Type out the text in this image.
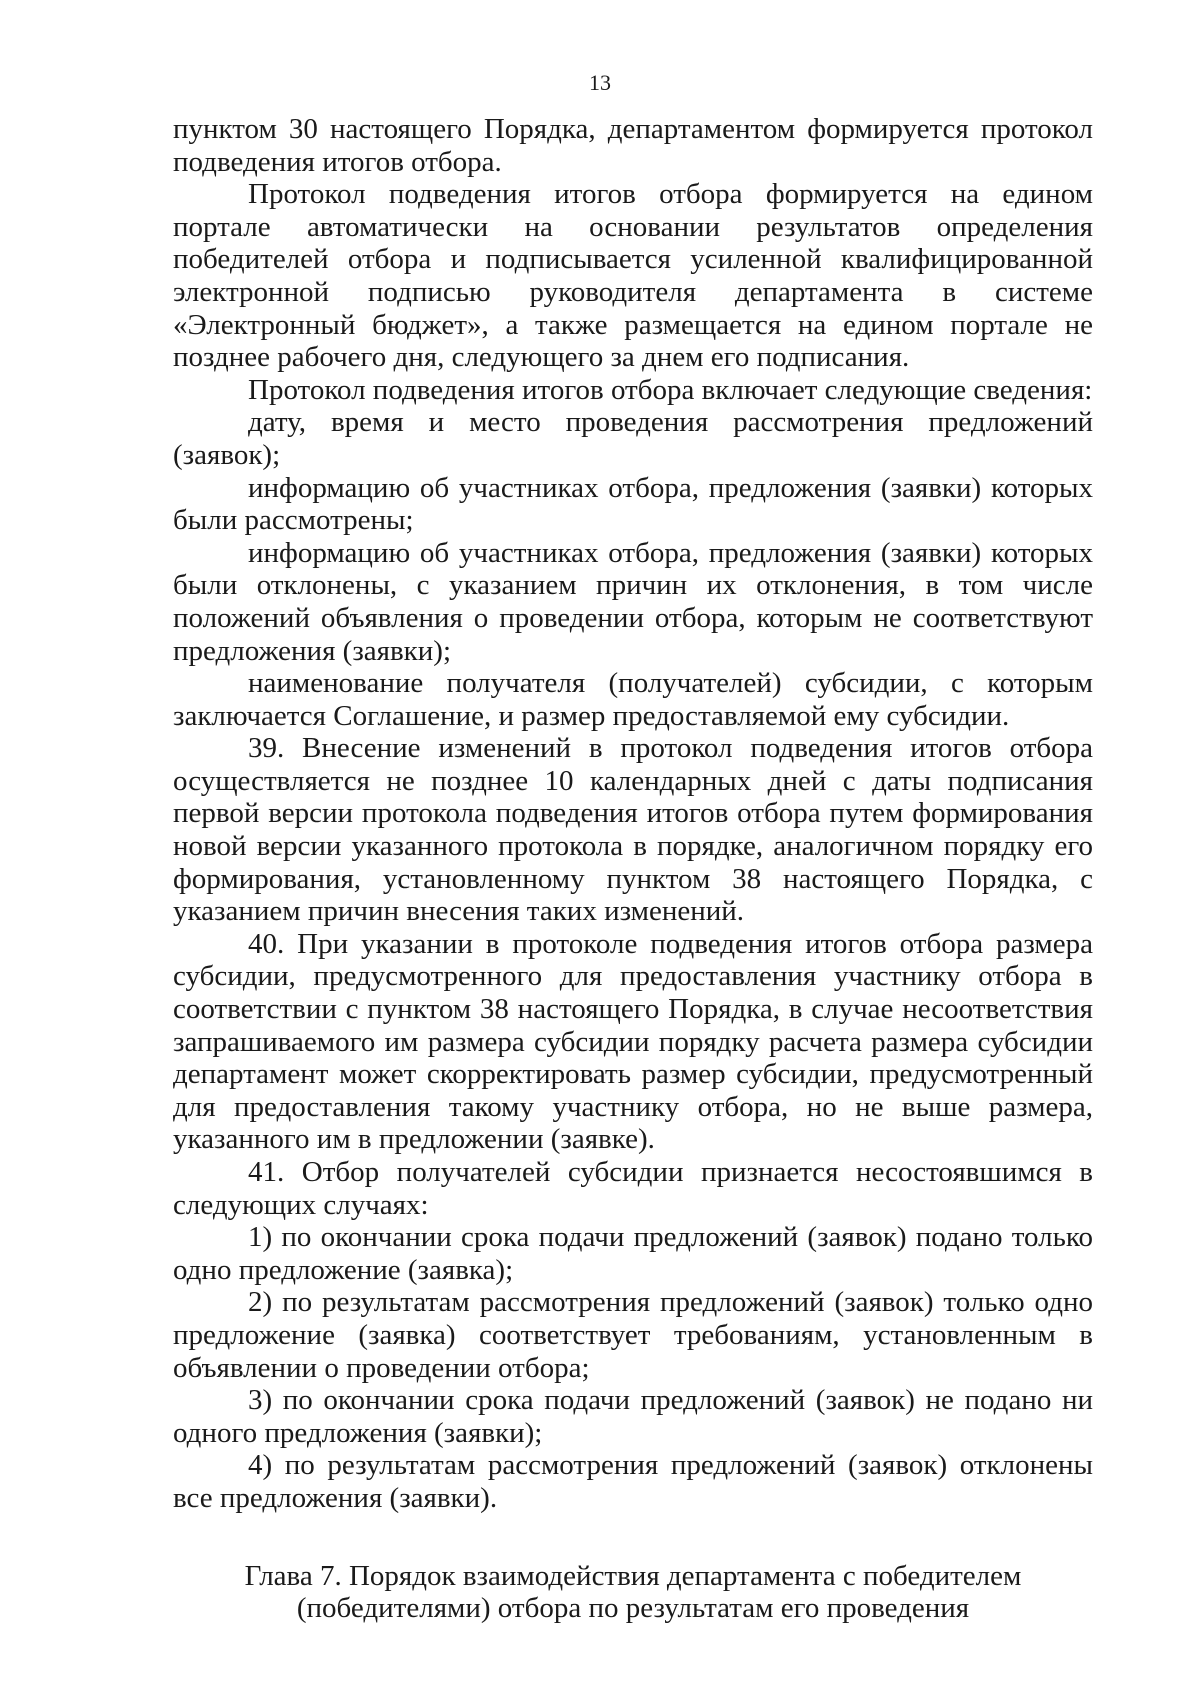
13

пунктом 30 настоящего Порядка, департаментом формируется протокол подведения итогов отбора.

Протокол подведения итогов отбора формируется на едином портале автоматически на основании результатов определения победителей отбора и подписывается усиленной квалифицированной электронной подписью руководителя департамента в системе «Электронный бюджет», а также размещается на едином портале не позднее рабочего дня, следующего за днем его подписания.

Протокол подведения итогов отбора включает следующие сведения:

дату, время и место проведения рассмотрения предложений (заявок);

информацию об участниках отбора, предложения (заявки) которых были рассмотрены;

информацию об участниках отбора, предложения (заявки) которых были отклонены, с указанием причин их отклонения, в том числе положений объявления о проведении отбора, которым не соответствуют предложения (заявки);

наименование получателя (получателей) субсидии, с которым заключается Соглашение, и размер предоставляемой ему субсидии.

39. Внесение изменений в протокол подведения итогов отбора осуществляется не позднее 10 календарных дней с даты подписания первой версии протокола подведения итогов отбора путем формирования новой версии указанного протокола в порядке, аналогичном порядку его формирования, установленному пунктом 38 настоящего Порядка, с указанием причин внесения таких изменений.

40. При указании в протоколе подведения итогов отбора размера субсидии, предусмотренного для предоставления участнику отбора в соответствии с пунктом 38 настоящего Порядка, в случае несоответствия запрашиваемого им размера субсидии порядку расчета размера субсидии департамент может скорректировать размер субсидии, предусмотренный для предоставления такому участнику отбора, но не выше размера, указанного им в предложении (заявке).

41. Отбор получателей субсидии признается несостоявшимся в следующих случаях:

1) по окончании срока подачи предложений (заявок) подано только одно предложение (заявка);

2) по результатам рассмотрения предложений (заявок) только одно предложение (заявка) соответствует требованиям, установленным в объявлении о проведении отбора;

3) по окончании срока подачи предложений (заявок) не подано ни одного предложения (заявки);

4) по результатам рассмотрения предложений (заявок) отклонены все предложения (заявки).

Глава 7. Порядок взаимодействия департамента с победителем (победителями) отбора по результатам его проведения
